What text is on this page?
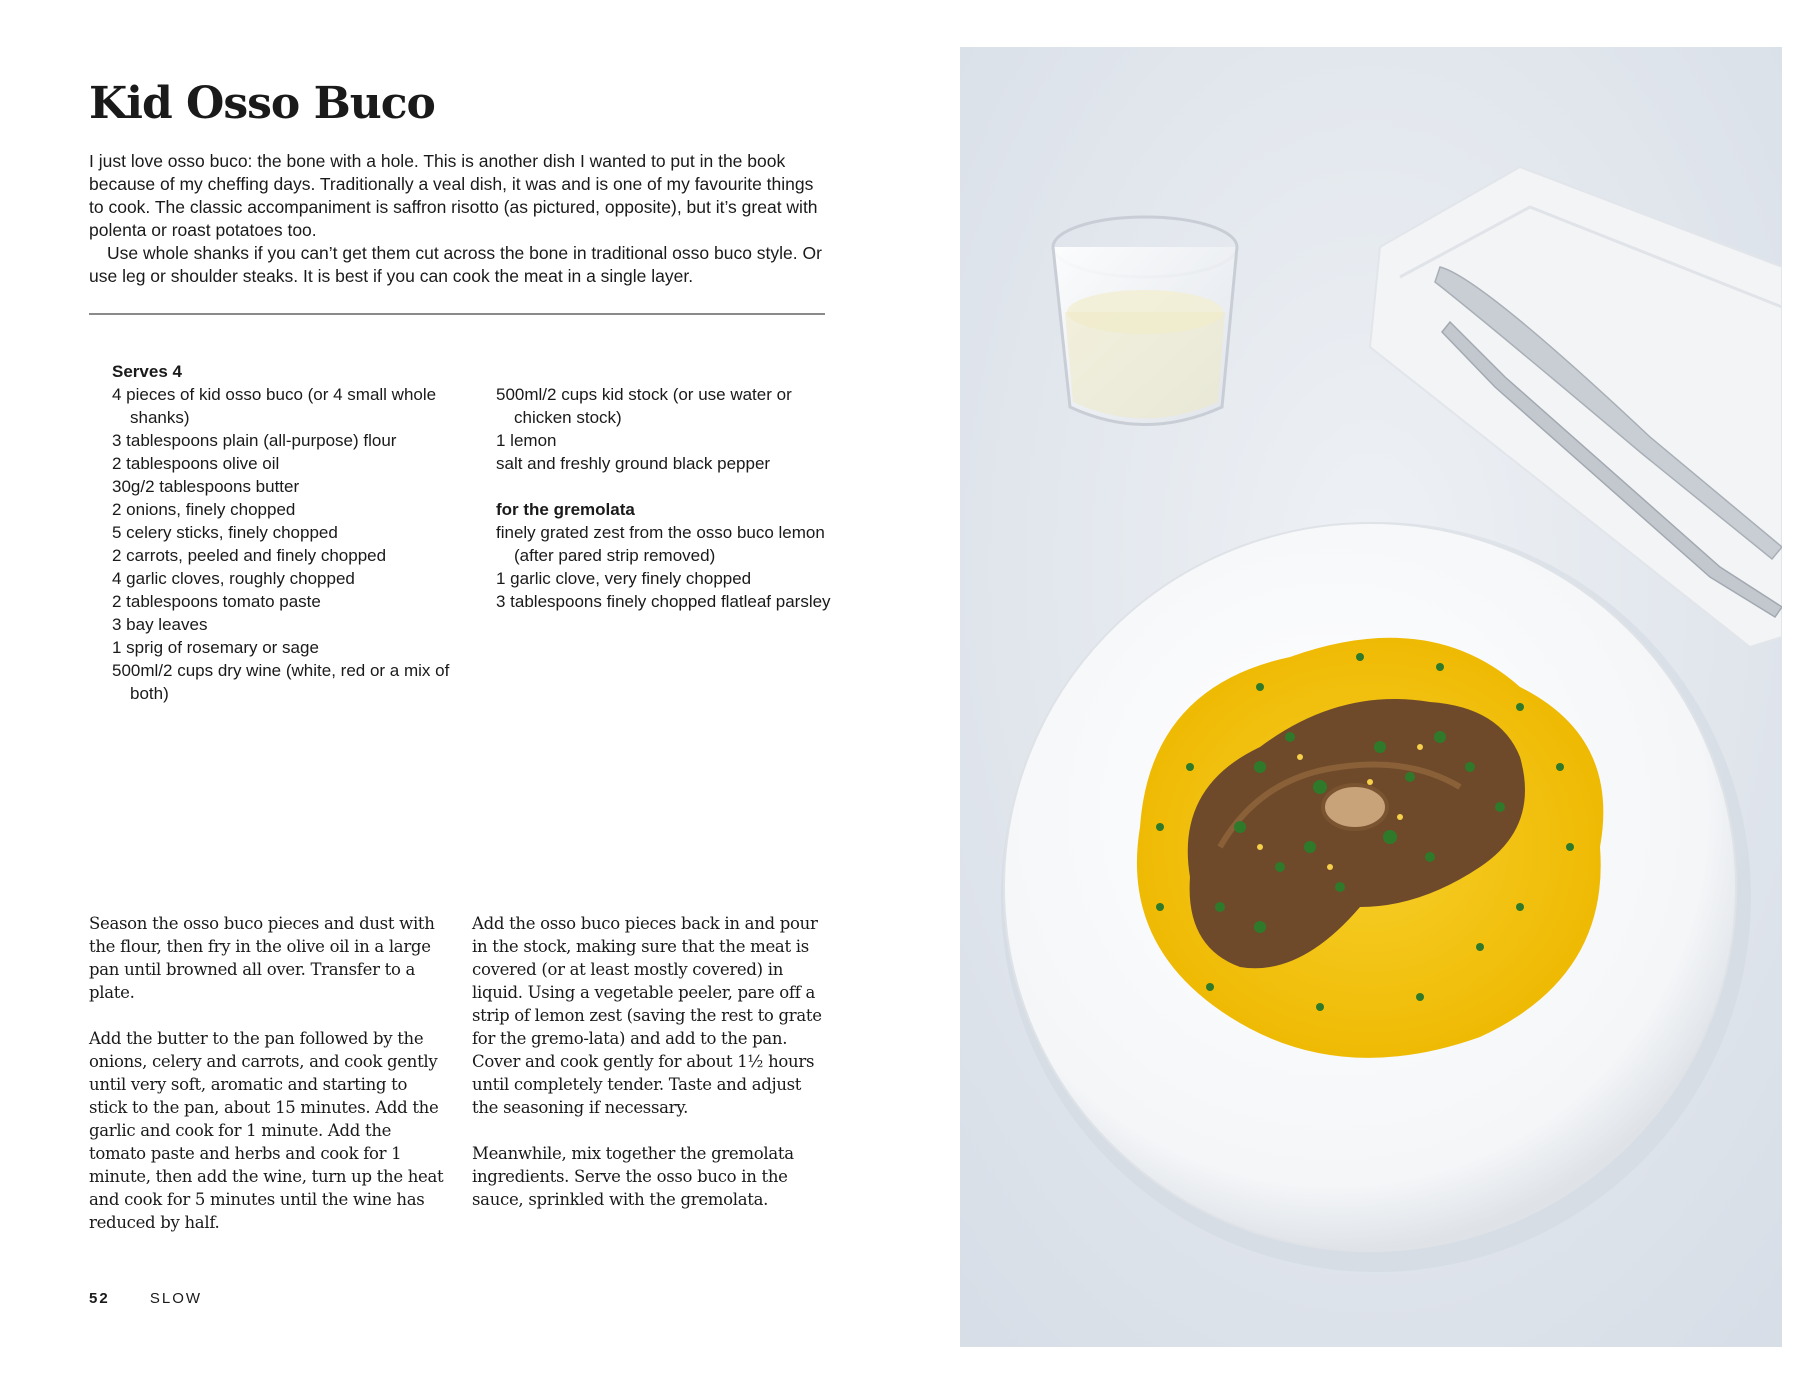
Kid Osso Buco

I just love osso buco: the bone with a hole. This is another dish I wanted to put in the book because of my cheffing days. Traditionally a veal dish, it was and is one of my favourite things to cook. The classic accompaniment is saffron risotto (as pictured, opposite), but it’s great with polenta or roast potatoes too.

Use whole shanks if you can’t get them cut across the bone in traditional osso buco style. Or use leg or shoulder steaks. It is best if you can cook the meat in a single layer.

Serves 4
4 pieces of kid osso buco (or 4 small whole shanks)
3 tablespoons plain (all-purpose) flour
2 tablespoons olive oil
30g/2 tablespoons butter
2 onions, finely chopped
5 celery sticks, finely chopped
2 carrots, peeled and finely chopped
4 garlic cloves, roughly chopped
2 tablespoons tomato paste
3 bay leaves
1 sprig of rosemary or sage
500ml/2 cups dry wine (white, red or a mix of both)
500ml/2 cups kid stock (or use water or chicken stock)
1 lemon
salt and freshly ground black pepper
for the gremolata
finely grated zest from the osso buco lemon (after pared strip removed)
1 garlic clove, very finely chopped
3 tablespoons finely chopped flatleaf parsley

Season the osso buco pieces and dust with the flour, then fry in the olive oil in a large pan until browned all over. Transfer to a plate.

Add the butter to the pan followed by the onions, celery and carrots, and cook gently until very soft, aromatic and starting to stick to the pan, about 15 minutes. Add the garlic and cook for 1 minute. Add the tomato paste and herbs and cook for 1 minute, then add the wine, turn up the heat and cook for 5 minutes until the wine has reduced by half.

Add the osso buco pieces back in and pour in the stock, making sure that the meat is covered (or at least mostly covered) in liquid. Using a vegetable peeler, pare off a strip of lemon zest (saving the rest to grate for the gremo-lata) and add to the pan. Cover and cook gently for about 1½ hours until completely tender. Taste and adjust the seasoning if necessary.

Meanwhile, mix together the gremolata ingredients. Serve the osso buco in the sauce, sprinkled with the gremolata.

52	SLOW
